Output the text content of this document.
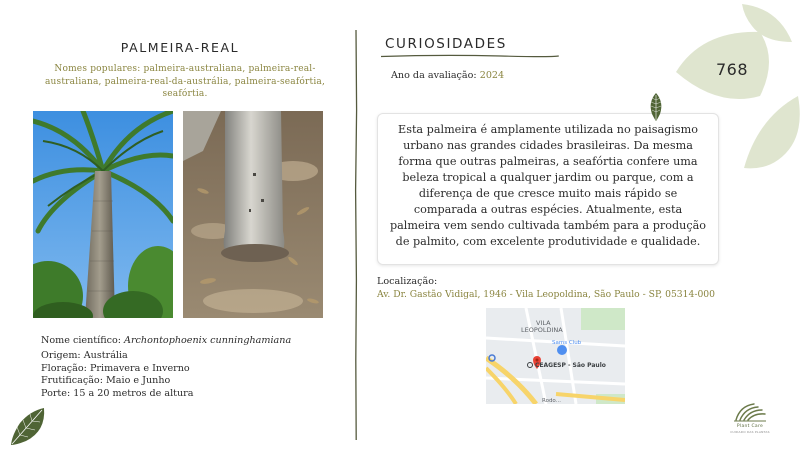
PALMEIRA-REAL
Nomes populares: palmeira-australiana, palmeira-real-australiana, palmeira-real-da-austrália, palmeira-seafórtia, seafórtia.
Nome científico: Archontophoenix cunninghamiana
Origem: Austrália
Floração: Primavera e Inverno
Frutificação: Maio e Junho
Porte: 15 a 20 metros de altura
CURIOSIDADES
Ano da avaliação: 2024
Esta palmeira é amplamente utilizada no paisagismo urbano nas grandes cidades brasileiras. Da mesma forma que outras palmeiras, a seafórtia confere uma beleza tropical a qualquer jardim ou parque, com a diferença de que cresce muito mais rápido se comparada a outras espécies. Atualmente, esta palmeira vem sendo cultivada também para a produção de palmito, com excelente produtividade e qualidade.
Localização:
Av. Dr. Gastão Vidigal, 1946 - Vila Leopoldina, São Paulo - SP, 05314-000
VILA
LEOPOLDINA
Sams Club
CEAGESP - São Paulo
Rodo...
768
Plant Care
CUIDADO DAS PLANTAS
